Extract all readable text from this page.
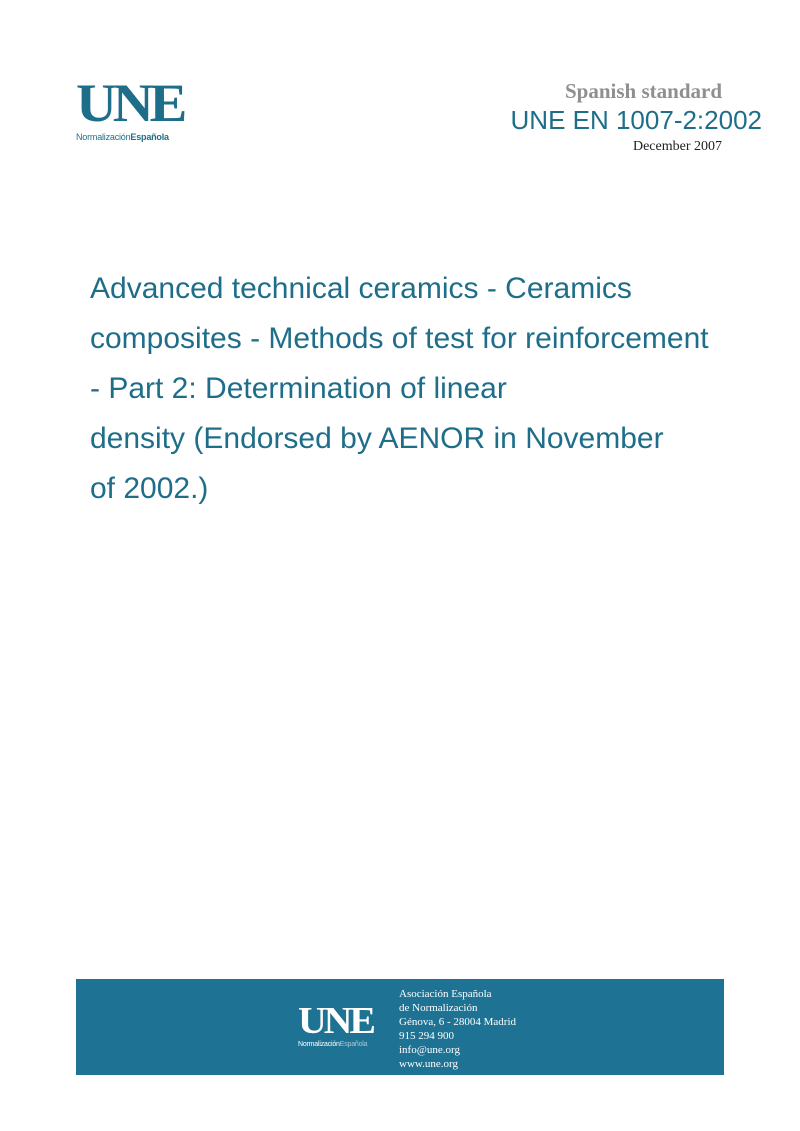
UNE
NormalizaciónEspañola
Spanish standard
UNE EN 1007-2:2002
December 2007
Advanced technical ceramics - Ceramics
composites - Methods of test for reinforcement
- Part 2: Determination of linear
density (Endorsed by AENOR in November
of 2002.)
UNE
NormalizaciónEspañola
Asociación Española
de Normalización
Génova, 6 - 28004 Madrid
915 294 900
info@une.org
www.une.org
